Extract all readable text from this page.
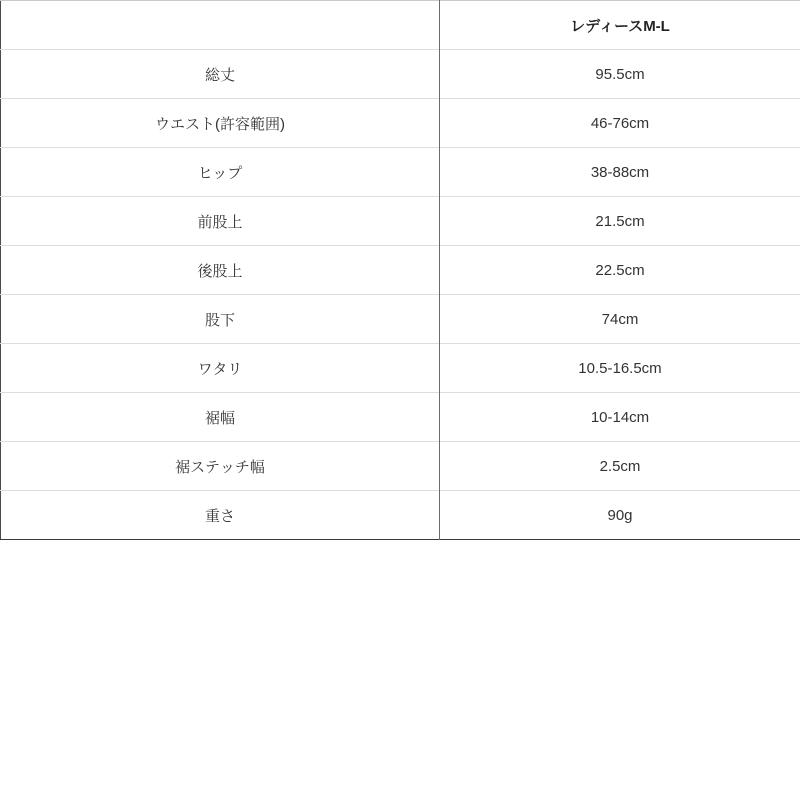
	レディースM-L
総丈	95.5cm
ウエスト(許容範囲)	46-76cm
ヒップ	38-88cm
前股上	21.5cm
後股上	22.5cm
股下	74cm
ワタリ	10.5-16.5cm
裾幅	10-14cm
裾ステッチ幅	2.5cm
重さ	90g
